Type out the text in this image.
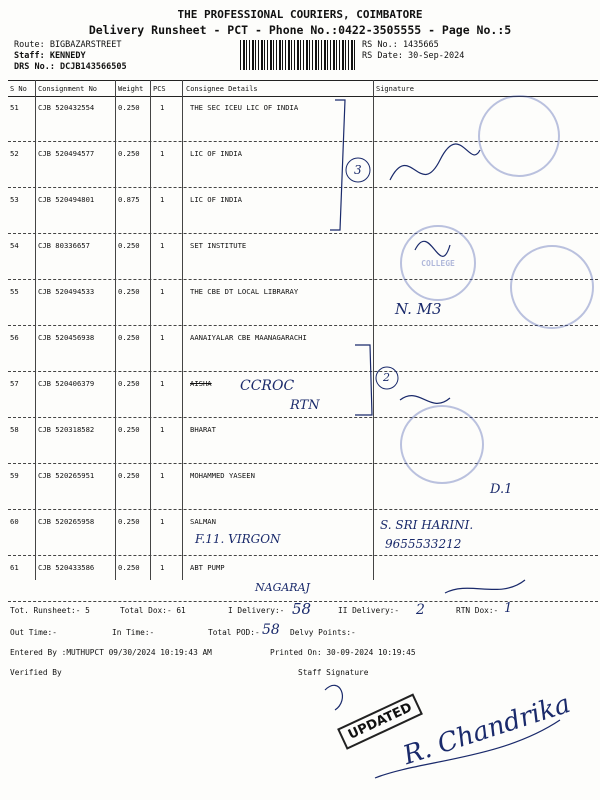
THE PROFESSIONAL COURIERS, COIMBATORE
Delivery Runsheet - PCT - Phone No.:0422-3505555 - Page No.:5
Route: BIGBAZARSTREET
Staff: KENNEDY
DRS No.: DCJB143566505
RS No.: 1435665
RS Date: 30-Sep-2024
S No Consignment No	Weight PCS	Consignee Details	Signature
51	CJB 520432554	0.250	1	THE SEC ICEU LIC OF INDIA
52	CJB 520494577	0.250	1	LIC OF INDIA
53	CJB 520494801	0.875	1	LIC OF INDIA
54	CJB 80336657	0.250	1	SET INSTITUTE
55	CJB 520494533	0.250	1	THE CBE DT LOCAL LIBRARAY
56	CJB 520456938	0.250	1	AANAIYALAR CBE MAANAGARACHI
57	CJB 520406379	0.250	1	AISHA
58	CJB 520318582	0.250	1	BHARAT
59	CJB 520265951	0.250	1	MOHAMMED YASEEN
60	CJB 520265958	0.250	1	SALMAN
61	CJB 520433586	0.250	1	ABT PUMP
COLLEGE
3
2
CCROC
RTN
N. M3
D.1
F.11. VIRGON
S. SRI HARINI.
9655533212
NAGARAJ
Tot. Runsheet:- 5	Total Dox:- 61	I Delivery:- 58	II Delivery:- 2	RTN Dox:- 1
Out Time:-	In Time:-	Total POD:- 58 Delvy Points:-
Entered By :MUTHUPCT 09/30/2024 10:19:43 AM	Printed On: 30-09-2024 10:19:45
Verified By	Staff Signature
UPDATED
R. Chandrika
